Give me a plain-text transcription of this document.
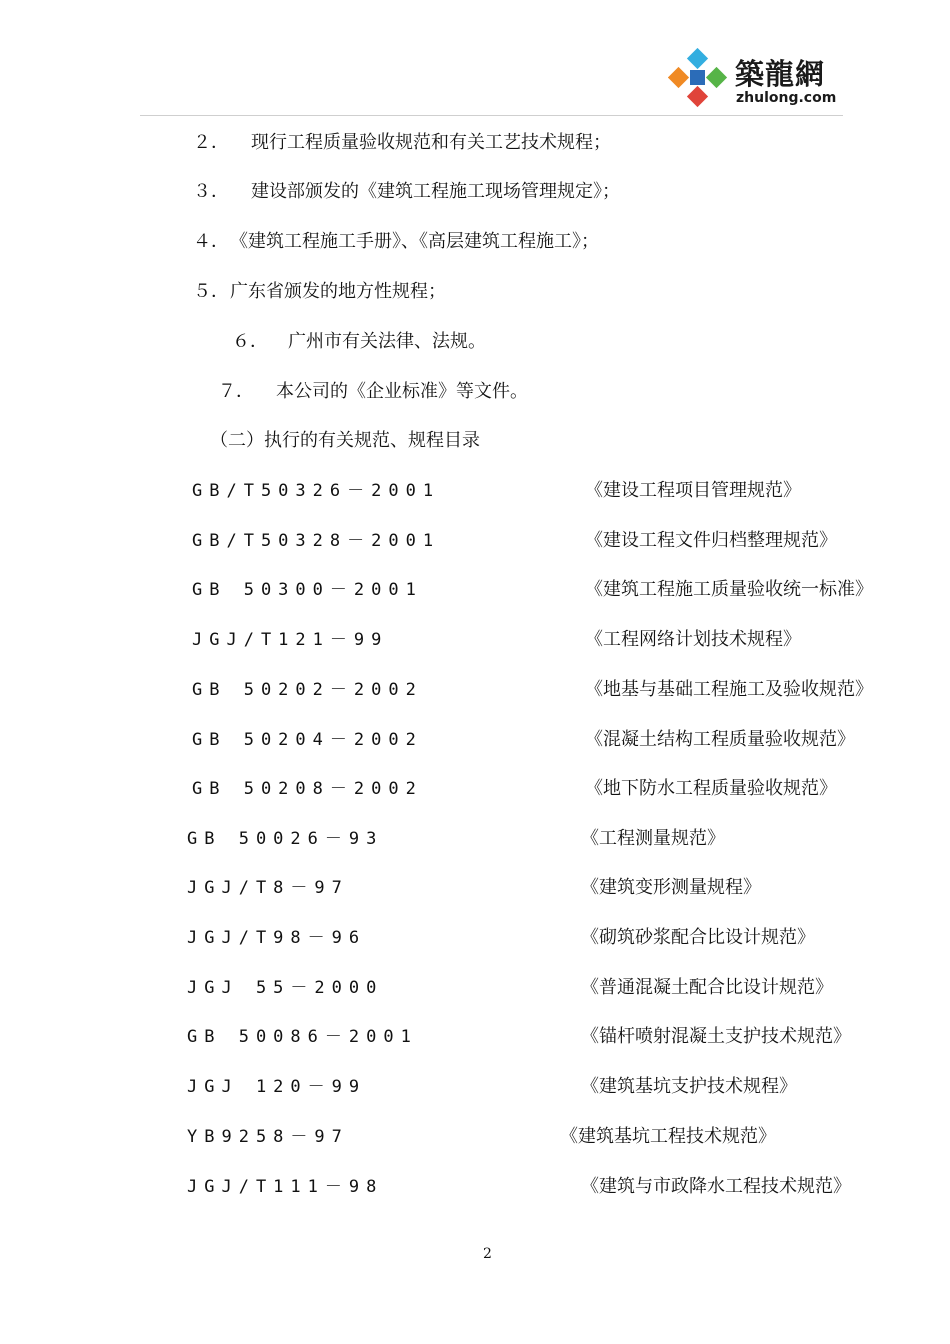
築龍網
zhulong.com
２． 现行工程质量验收规范和有关工艺技术规程；
３． 建设部颁发的《建筑工程施工现场管理规定》；
４．《建筑工程施工手册》、《高层建筑工程施工》；
５．广东省颁发的地方性规程；
６． 广州市有关法律、法规。
７． 本公司的《企业标准》等文件。
（二）执行的有关规范、规程目录
GB/T50326－2001	《建设工程项目管理规范》
GB/T50328－2001	《建设工程文件归档整理规范》
GB 50300－2001	《建筑工程施工质量验收统一标准》
JGJ/T121－99	《工程网络计划技术规程》
GB 50202－2002	《地基与基础工程施工及验收规范》
GB 50204－2002	《混凝土结构工程质量验收规范》
GB 50208－2002	《地下防水工程质量验收规范》
GB 50026－93	《工程测量规范》
JGJ/T8－97	《建筑变形测量规程》
JGJ/T98－96	《砌筑砂浆配合比设计规范》
JGJ 55－2000	《普通混凝土配合比设计规范》
GB 50086－2001	《锚杆喷射混凝土支护技术规范》
JGJ 120－99	《建筑基坑支护技术规程》
YB9258－97	《建筑基坑工程技术规范》
JGJ/T111－98	《建筑与市政降水工程技术规范》
2
